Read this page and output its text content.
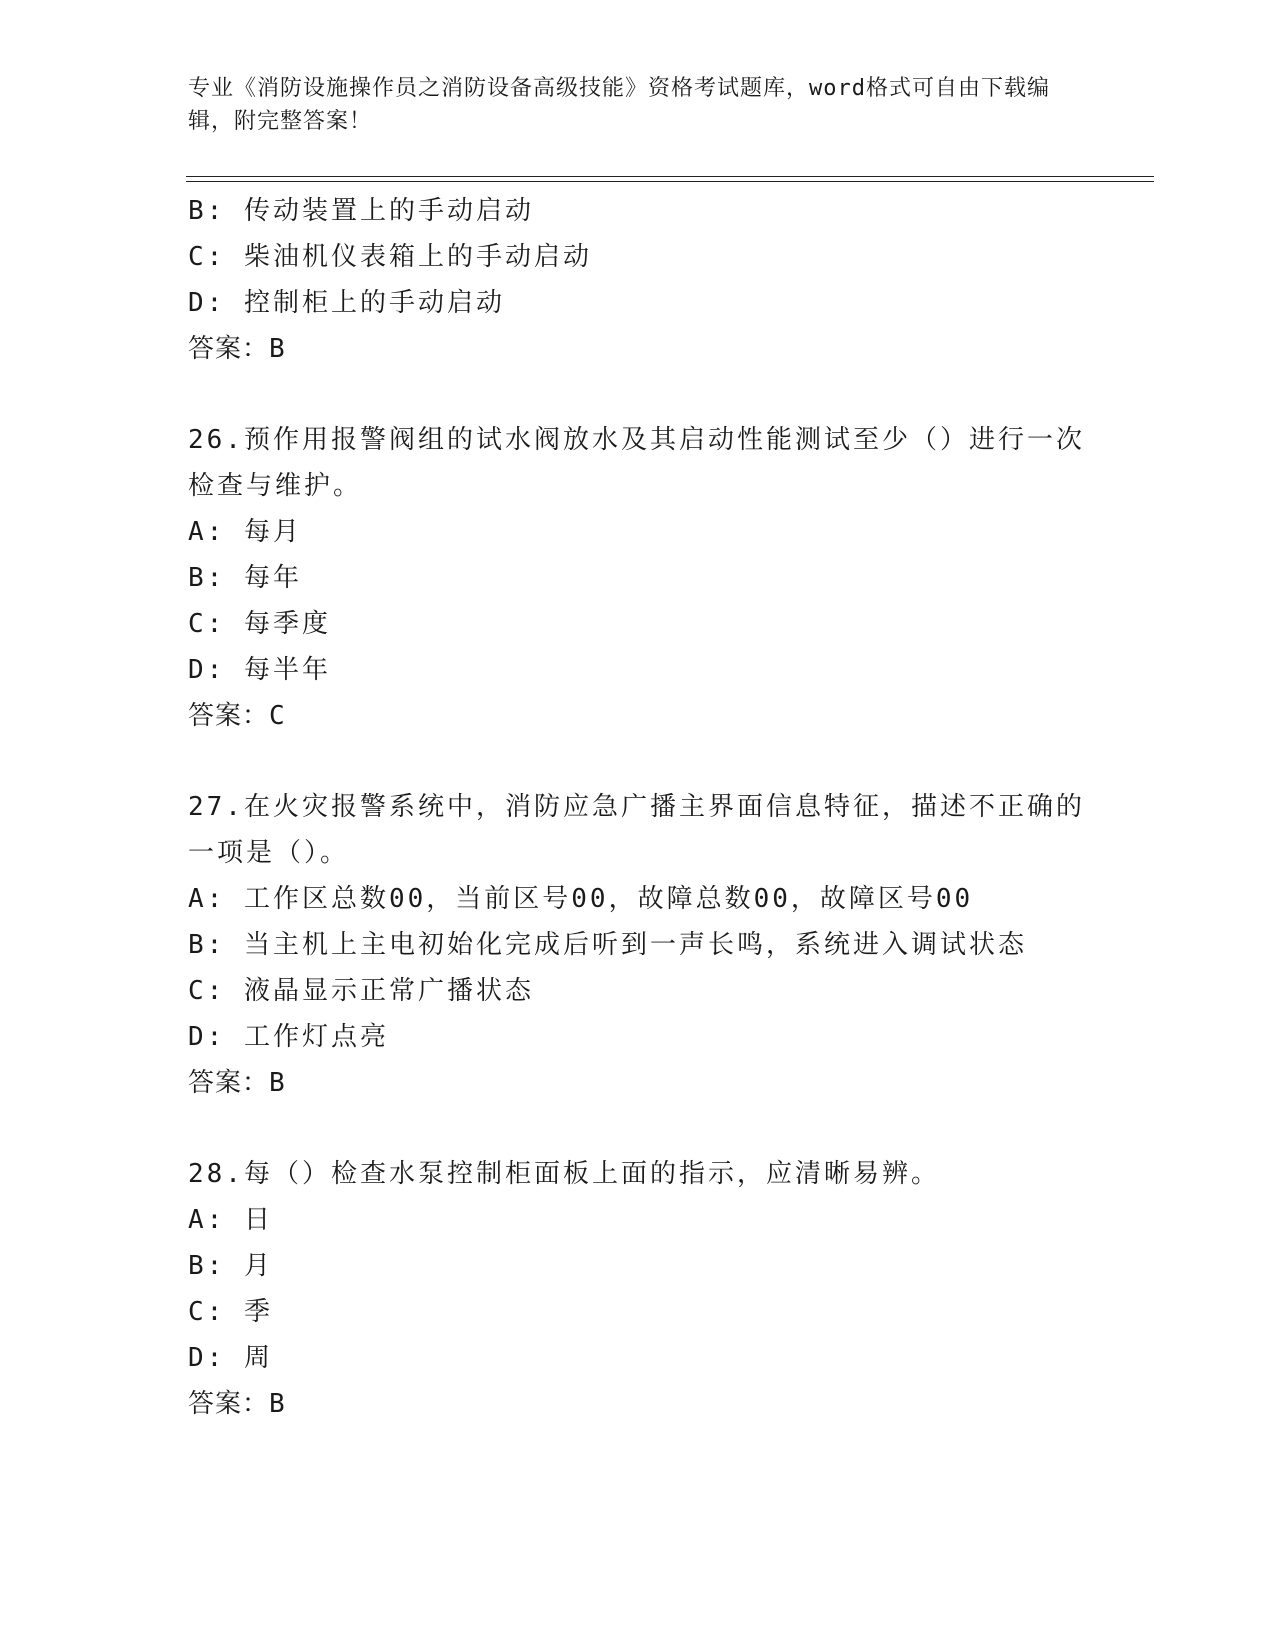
专业《消防设施操作员之消防设备高级技能》资格考试题库，word格式可自由下载编辑，附完整答案！
B: 传动装置上的手动启动
C: 柴油机仪表箱上的手动启动
D: 控制柜上的手动启动
答案：B
26.预作用报警阀组的试水阀放水及其启动性能测试至少（）进行一次
检查与维护。
A: 每月
B: 每年
C: 每季度
D: 每半年
答案：C
27.在火灾报警系统中，消防应急广播主界面信息特征，描述不正确的
一项是（）。
A: 工作区总数00，当前区号00，故障总数00，故障区号00
B: 当主机上主电初始化完成后听到一声长鸣，系统进入调试状态
C: 液晶显示正常广播状态
D: 工作灯点亮
答案：B
28.每（）检查水泵控制柜面板上面的指示，应清晰易辨。
A: 日
B: 月
C: 季
D: 周
答案：B
